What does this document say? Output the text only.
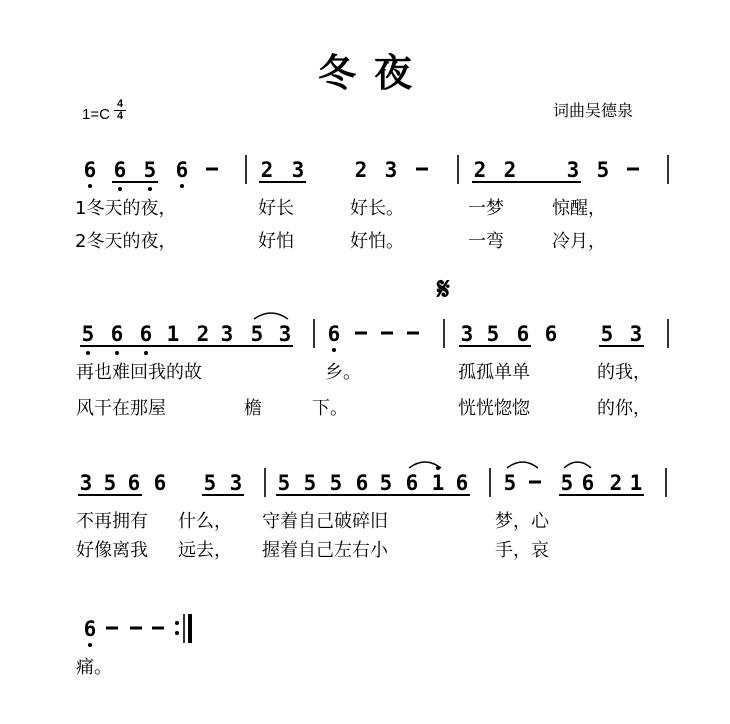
冬夜
1=C
4
4	词曲吴德泉
𝄋
6 6 5 6	2 3 2 3	2 2 3 5
1冬天的夜，	好长	好长。	一梦	惊醒，
2冬天的夜，	好怕	好怕。	一弯	冷月，
5 6 6 1 2 3 5 3 6	3 5 6 6 5 3
再也难回我的故	乡。	孤孤单单	的我，
风干在那屋	檐	下。	恍恍惚惚	的你，
3 5 6 6 5 3 5 5 5 6 5 6 1 6 5 5 6 2 1
不再拥有 什么， 守着自己破碎旧	梦，心
好像离我 远去， 握着自己左右小	手，哀
6
痛。
